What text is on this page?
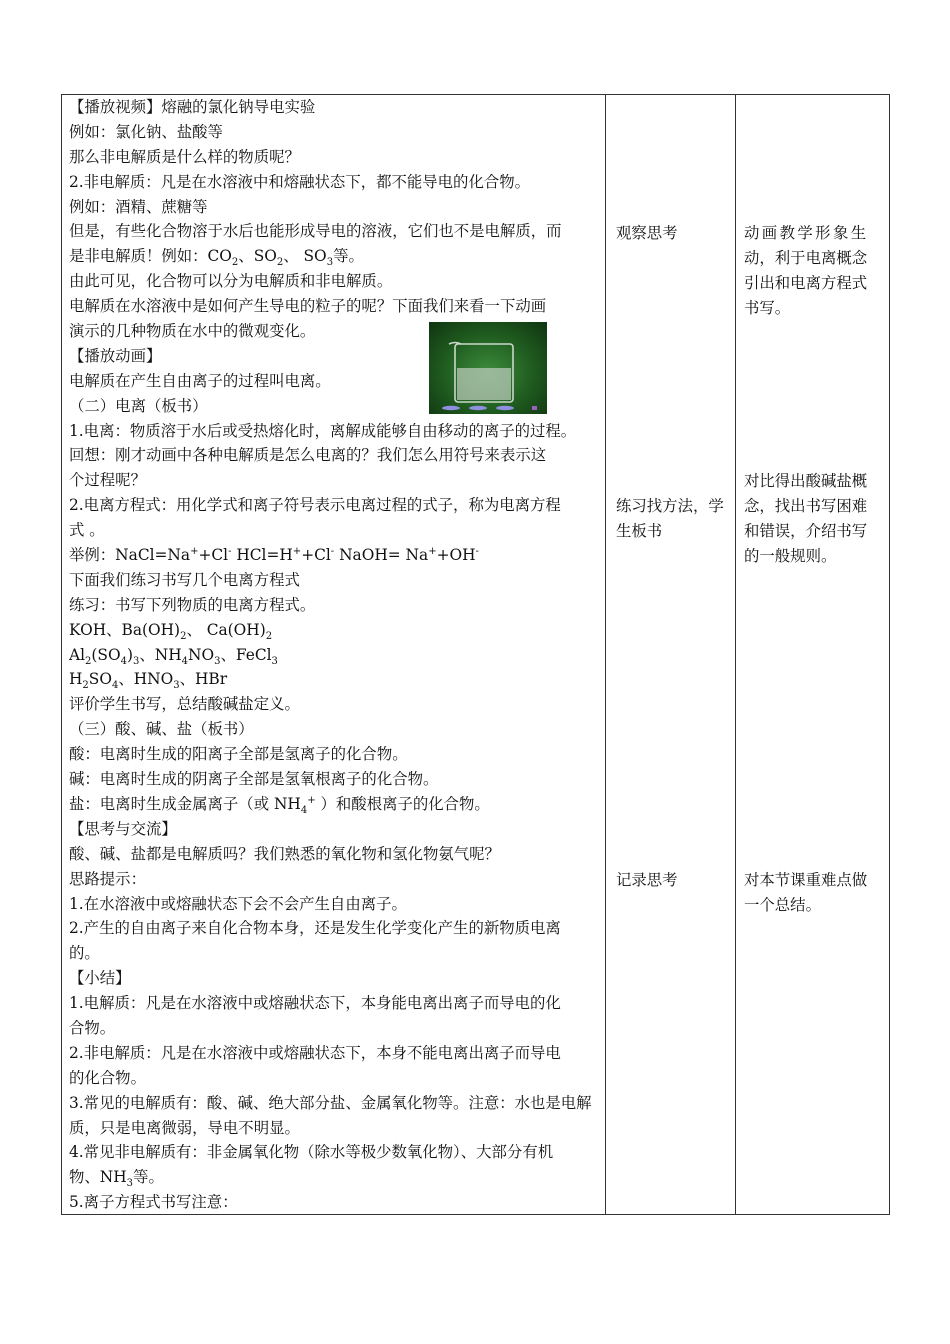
【播放视频】熔融的氯化钠导电实验
例如：氯化钠、盐酸等
那么非电解质是什么样的物质呢？
2.非电解质：凡是在水溶液中和熔融状态下，都不能导电的化合物。
例如：酒精、蔗糖等
但是，有些化合物溶于水后也能形成导电的溶液，它们也不是电解质，而
是非电解质！例如：$CO_2$、$SO_2$、 $SO_3$等。
由此可见，化合物可以分为电解质和非电解质。
电解质在水溶液中是如何产生导电的粒子的呢？下面我们来看一下动画
演示的几种物质在水中的微观变化。
【播放动画】
电解质在产生自由离子的过程叫电离。
（二）电离（板书）
1.电离：物质溶于水后或受热熔化时，离解成能够自由移动的离子的过程。
回想：刚才动画中各种电解质是怎么电离的？我们怎么用符号来表示这
个过程呢？
2.电离方程式：用化学式和离子符号表示电离过程的式子，称为电离方程
式 。
举例：NaCl=Na++Cl- HCl=H++Cl- NaOH= Na++OH-
下面我们练习书写几个电离方程式
练习：书写下列物质的电离方程式。
KOH、$Ba(OH)_2$、 $Ca(OH)_2$
$Al_2(SO_4)_3$、$NH_4NO_3$、FeCl$_3$
$H_2SO_4$、$HNO_3$、HBr
评价学生书写，总结酸碱盐定义。
（三）酸、碱、盐（板书）
酸：电离时生成的阳离子全部是氢离子的化合物。
碱：电离时生成的阴离子全部是氢氧根离子的化合物。
盐：电离时生成金属离子（或 $NH_4^+$ ）和酸根离子的化合物。
【思考与交流】
酸、碱、盐都是电解质吗？我们熟悉的氧化物和氢化物氨气呢？
思路提示：
1.在水溶液中或熔融状态下会不会产生自由离子。
2.产生的自由离子来自化合物本身，还是发生化学变化产生的新物质电离
的。
【小结】
1.电解质：凡是在水溶液中或熔融状态下，本身能电离出离子而导电的化
合物。
2.非电解质：凡是在水溶液中或熔融状态下，本身不能电离出离子而导电
的化合物。
3.常见的电解质有：酸、碱、绝大部分盐、金属氧化物等。注意：水也是电解
质，只是电离微弱，导电不明显。
4.常见非电解质有：非金属氧化物（除水等极少数氧化物）、大部分有机
物、$NH_3$等。
5.离子方程式书写注意：
观察思考
练习找方法，学
生板书
记录思考
动画教学形象生
动，利于电离概念
引出和电离方程式
书写。
对比得出酸碱盐概
念，找出书写困难
和错误，介绍书写
的一般规则。
对本节课重难点做
一个总结。
